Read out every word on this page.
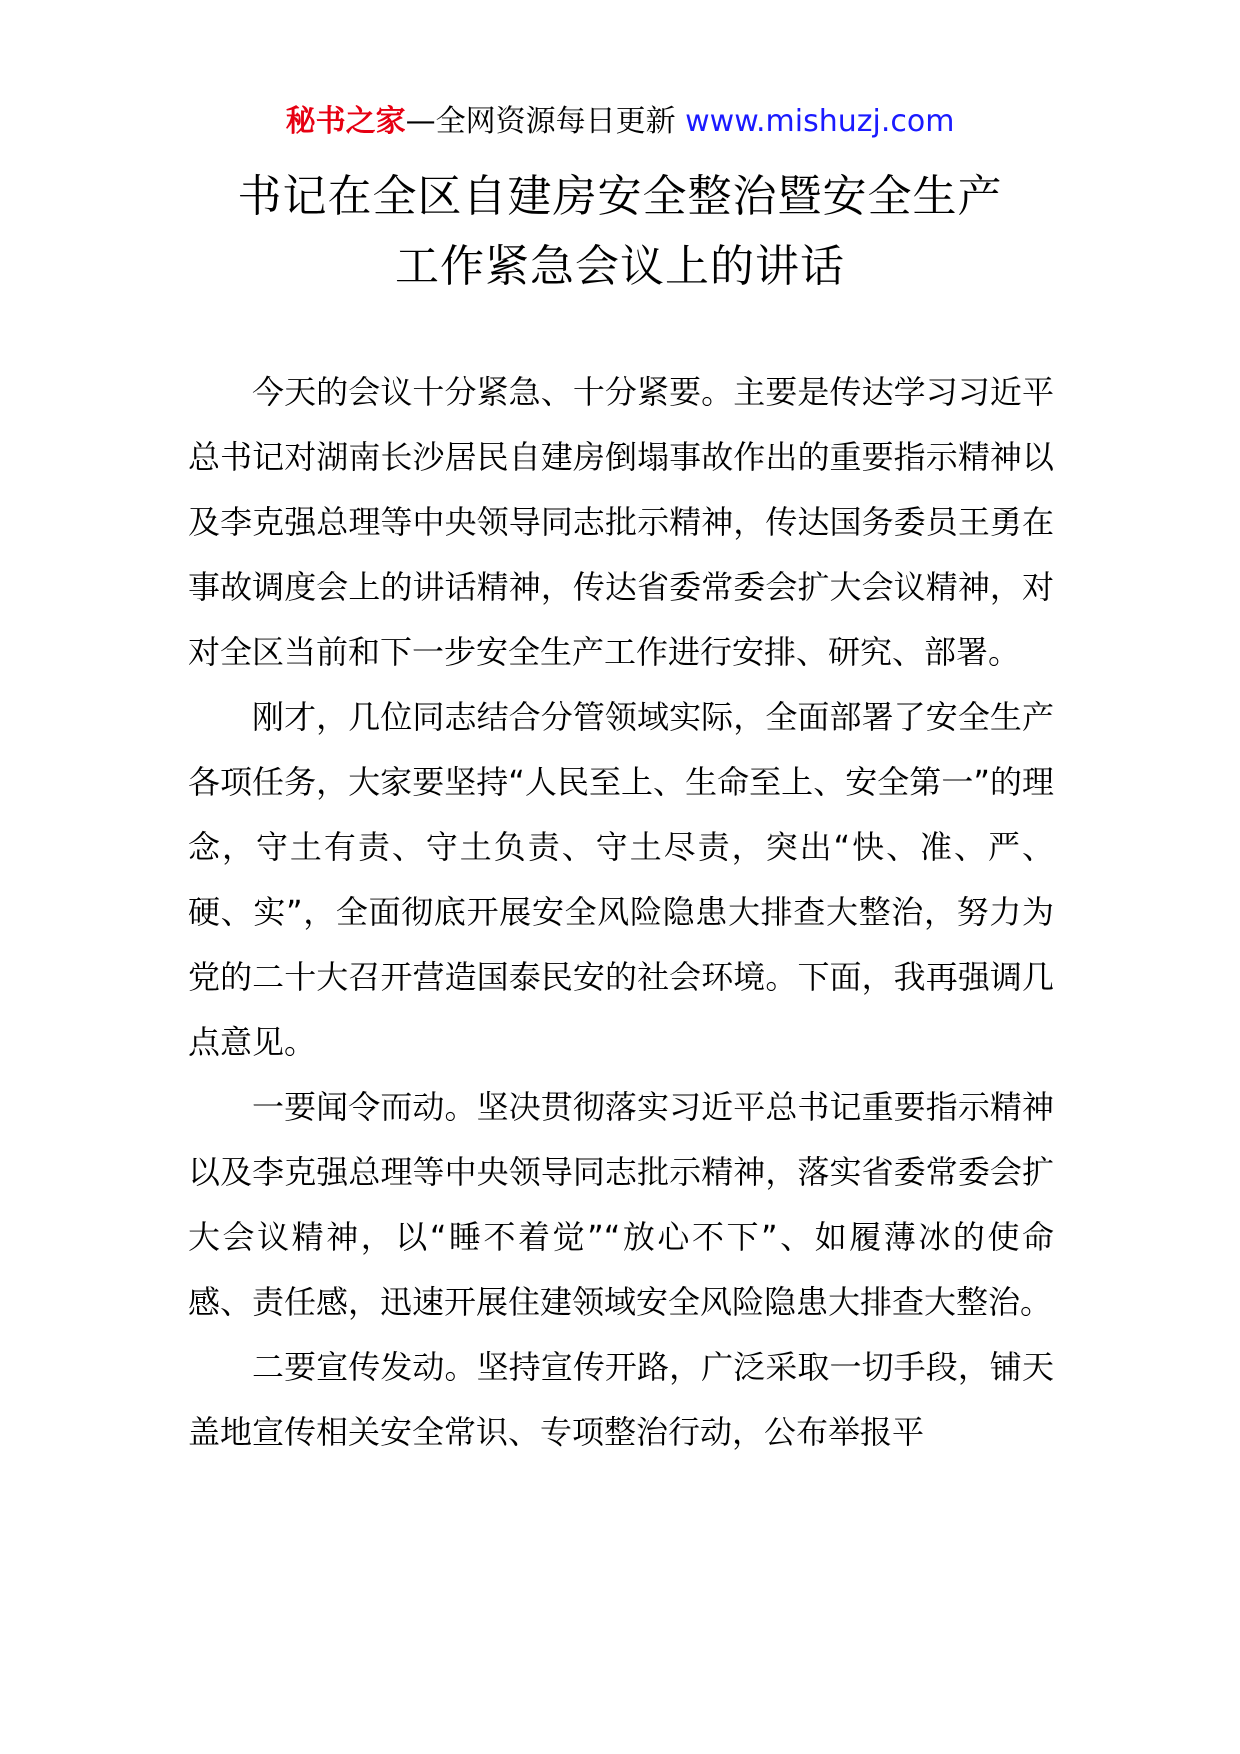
秘书之家—全网资源每日更新 www.mishuzj.com
书记在全区自建房安全整治暨安全生产
工作紧急会议上的讲话

今天的会议十分紧急、十分紧要。主要是传达学习习近平总书记对湖南长沙居民自建房倒塌事故作出的重要指示精神以及李克强总理等中央领导同志批示精神，传达国务委员王勇在事故调度会上的讲话精神，传达省委常委会扩大会议精神，对对全区当前和下一步安全生产工作进行安排、研究、部署。

刚才，几位同志结合分管领域实际，全面部署了安全生产各项任务，大家要坚持“人民至上、生命至上、安全第一”的理念，守土有责、守土负责、守土尽责，突出“快、准、严、硬、实”，全面彻底开展安全风险隐患大排查大整治，努力为党的二十大召开营造国泰民安的社会环境。下面，我再强调几点意见。

一要闻令而动。坚决贯彻落实习近平总书记重要指示精神以及李克强总理等中央领导同志批示精神，落实省委常委会扩大会议精神，以“睡不着觉”“放心不下”、如履薄冰的使命感、责任感，迅速开展住建领域安全风险隐患大排查大整治。

二要宣传发动。坚持宣传开路，广泛采取一切手段，铺天盖地宣传相关安全常识、专项整治行动，公布举报平
